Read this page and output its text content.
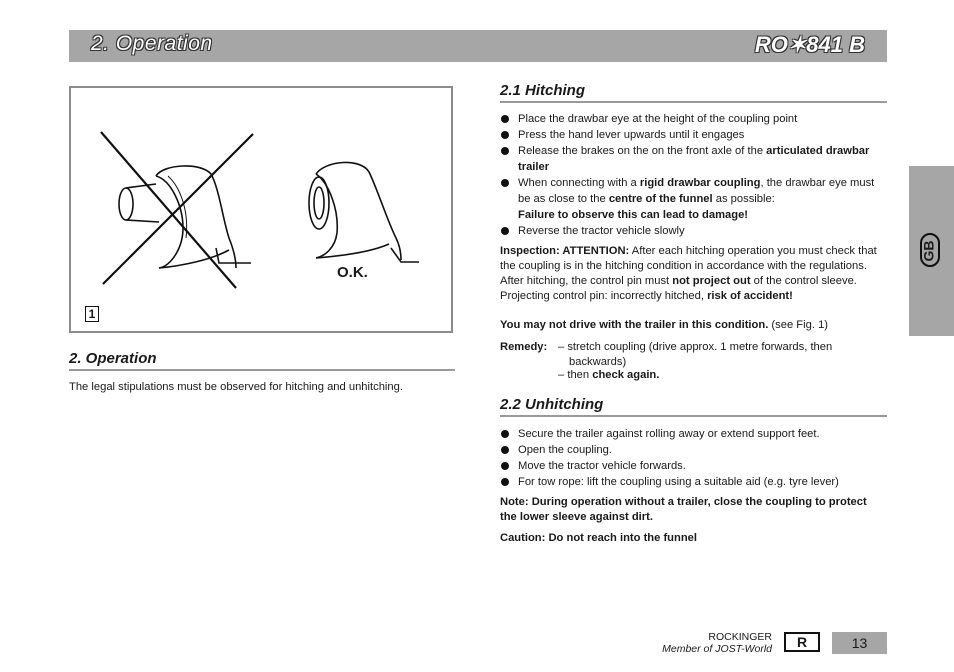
2. Operation	RO✶841 B
O.K.
1
2. Operation
The legal stipulations must be observed for hitching and unhitching.
2.1 Hitching
Place the drawbar eye at the height of the coupling point
Press the hand lever upwards until it engages
Release the brakes on the on the front axle of the articulated drawbar trailer
When connecting with a rigid drawbar coupling, the drawbar eye must be as close to the centre of the funnel as possible:
Failure to observe this can lead to damage!
Reverse the tractor vehicle slowly
Inspection: ATTENTION: After each hitching operation you must check that the coupling is in the hitching condition in accordance with the regulations.
After hitching, the control pin must not project out of the control sleeve.
Projecting control pin: incorrectly hitched, risk of accident!
You may not drive with the trailer in this condition. (see Fig. 1)
Remedy: – stretch coupling (drive approx. 1 metre forwards, then backwards)
– then check again.
2.2 Unhitching
Secure the trailer against rolling away or extend support feet.
Open the coupling.
Move the tractor vehicle forwards.
For tow rope: lift the coupling using a suitable aid (e.g. tyre lever)
Note: During operation without a trailer, close the coupling to protect the lower sleeve against dirt.
Caution: Do not reach into the funnel
GB
ROCKINGER
Member of JOST-World	R	13
